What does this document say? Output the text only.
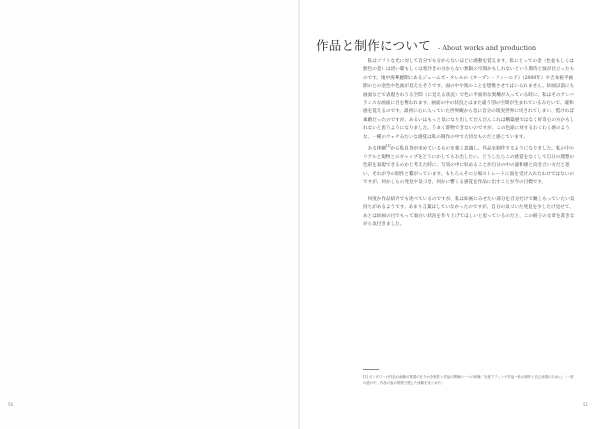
50
作品と制作について - About works and production

私はソフトな光に対して自分でも分からないほどに感動を覚えます。私にとっての金（色並もしくは無色の金）は淡い暖もしくは寒冷きの分からない無限の空間かもしれないという期待と緑が目立ったものです。地中海華麗期にあるジェームズ・タレルの《オープン・フィールド》（2000年）や吉本裕平画期のとの金色や色面が見えたそうです。面の中や奥のことを想像させてはいられません。絵画以前にも画面などで表現されうる空間（に見える状況）で色に平面的な奥構が入っている時に、私はそのアンバランスな画面に目を奪われます。画面の中の状況とはまた違う別の空間が生まれているみたいで、違和感を覚えるのです。最初に心に入っていた世界観から急に自分の現実世界に戻されてしまい、慌ければ素敵だったのですが、あるいはもっと気になり出してだんだんこれは構築感ではなく好奇心の方かもしれないと思うようになりました。うまく即物できないのですが、この色面に対するわくわく感のような、一種のウェチみたいな感覚は私の制作の中で大切なものだと感じています。

ある体験[1]から私自身が求めているものを強く意識し、作品を制作するようになりました。私の中のリアルと現物とのギャップをどうにかしてもお出したい。どうしたらこの感覚をなくして自分の理想の色彩を表現できるのかと考えた時に、写真の中に収めることが自分の中の違和感と向き合い方だと思い、それが今の制作と繋がっています。もちろんその立場ストレートに面を受け入れたわけではないのですが、何かしらの発見や気づき、何かに響くる感覚を作品に出すことが今の目標です。

何度か作品紹介でも述べているのですが、私は絵画にみせたい部分を自分だけで観しもっていたい気持ちがあるようです。あまり言葉はしていなかったのですが、自分の気づいた発見を少したけ見せて、あとは絵画の目でもって面白い状況を作り上げてほしいと思っているのだと、この冊子の文章を書きながら気付きました。

[1] ポンタワーの作品の画像の質感の在りかを制作と作品の関係の一つの体験「光者アティング作品ー私の制作と自己表現のために」（一部の絵の中、作品の表の質感で感じた体験をまとめた）
51
